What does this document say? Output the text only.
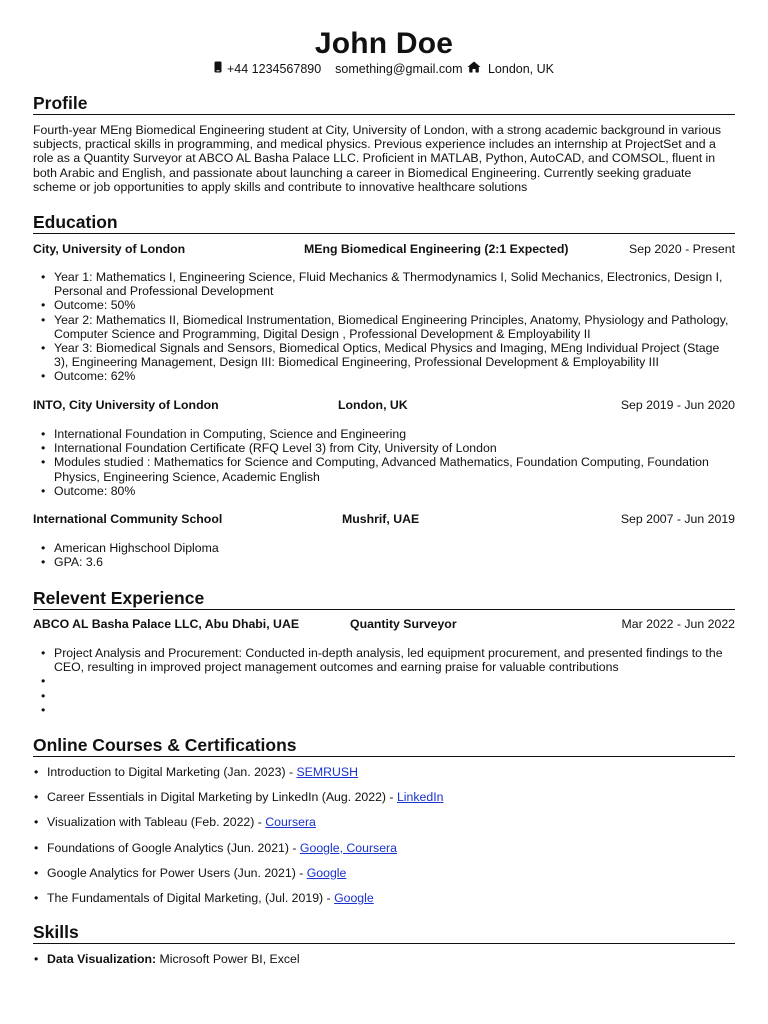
John Doe
+44 1234567890
something@gmail.com
London, UK
Profile

Fourth-year MEng Biomedical Engineering student at City, University of London, with a strong academic background in various subjects, practical skills in programming, and medical physics. Previous experience includes an internship at ProjectSet and a role as a Quantity Surveyor at ABCO AL Basha Palace LLC. Proficient in MATLAB, Python, AutoCAD, and COMSOL, fluent in both Arabic and English, and passionate about launching a career in Biomedical Engineering. Currently seeking graduate scheme or job opportunities to apply skills and contribute to innovative healthcare solutions

Education
City, University of London	MEng Biomedical Engineering (2:1 Expected)	Sep 2020 - Present
• Year 1: Mathematics I, Engineering Science, Fluid Mechanics & Thermodynamics I, Solid Mechanics, Electronics, Design I, Personal and Professional Development
• Outcome: 50%
• Year 2: Mathematics II, Biomedical Instrumentation, Biomedical Engineering Principles, Anatomy, Physiology and Pathology, Computer Science and Programming, Digital Design , Professional Development & Employability II
• Year 3: Biomedical Signals and Sensors, Biomedical Optics, Medical Physics and Imaging, MEng Individual Project (Stage 3), Engineering Management, Design III: Biomedical Engineering, Professional Development & Employability III
• Outcome: 62%
INTO, City University of London	London, UK	Sep 2019 - Jun 2020
• International Foundation in Computing, Science and Engineering
• International Foundation Certificate (RFQ Level 3) from City, University of London
• Modules studied : Mathematics for Science and Computing, Advanced Mathematics, Foundation Computing, Foundation Physics, Engineering Science, Academic English
• Outcome: 80%
International Community School	Mushrif, UAE	Sep 2007 - Jun 2019
• American Highschool Diploma
• GPA: 3.6
Relevent Experience
ABCO AL Basha Palace LLC, Abu Dhabi, UAE	Quantity Surveyor	Mar 2022 - Jun 2022
• Project Analysis and Procurement: Conducted in-depth analysis, led equipment procurement, and presented findings to the CEO, resulting in improved project management outcomes and earning praise for valuable contributions
•
•
•
Online Courses & Certifications
• Introduction to Digital Marketing (Jan. 2023) - SEMRUSH
• Career Essentials in Digital Marketing by LinkedIn (Aug. 2022) - LinkedIn
• Visualization with Tableau (Feb. 2022) - Coursera
• Foundations of Google Analytics (Jun. 2021) - Google, Coursera
• Google Analytics for Power Users (Jun. 2021) - Google
• The Fundamentals of Digital Marketing, (Jul. 2019) - Google
Skills
• Data Visualization: Microsoft Power BI, Excel
